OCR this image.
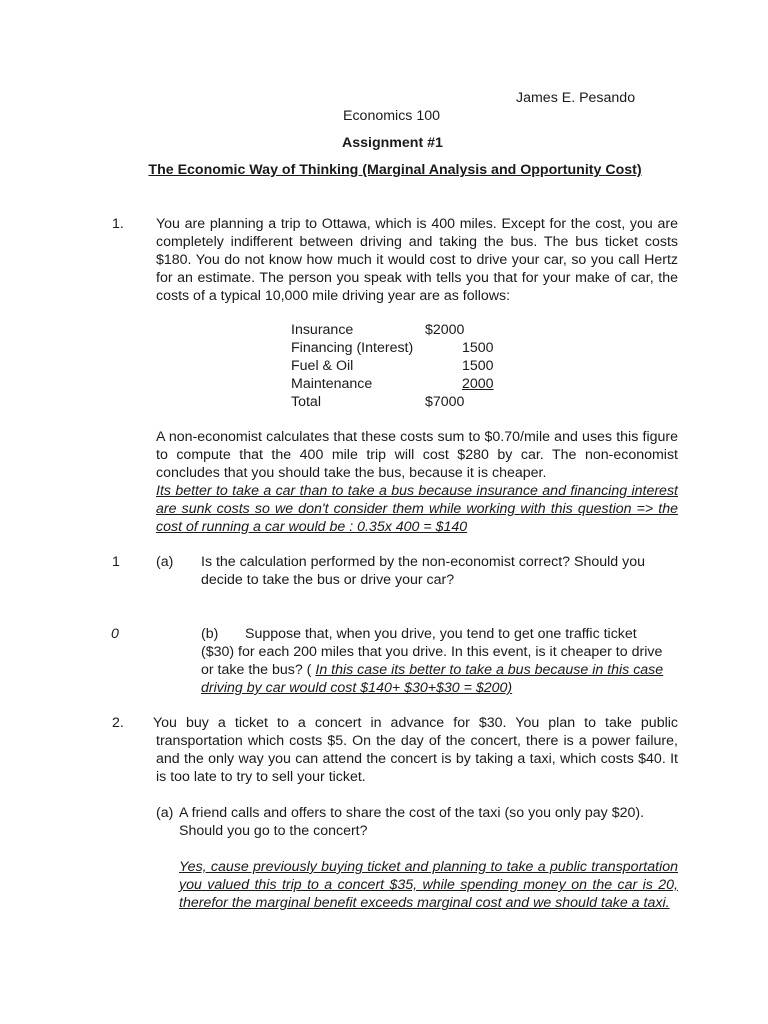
James E. Pesando
Economics 100
Assignment #1
The Economic Way of Thinking (Marginal Analysis and Opportunity Cost)
1. You are planning a trip to Ottawa, which is 400 miles. Except for the cost, you are completely indifferent between driving and taking the bus. The bus ticket costs $180. You do not know how much it would cost to drive your car, so you call Hertz for an estimate. The person you speak with tells you that for your make of car, the costs of a typical 10,000 mile driving year are as follows:
Insurance	$2000
Financing (Interest)	1500
Fuel & Oil	1500
Maintenance	2000
Total	$7000
A non-economist calculates that these costs sum to $0.70/mile and uses this figure to compute that the 400 mile trip will cost $280 by car. The non-economist concludes that you should take the bus, because it is cheaper.
Its better to take a car than to take a bus because insurance and financing interest are sunk costs so we don't consider them while working with this question => the cost of running a car would be : 0.35x 400 = $140
1	(a) Is the calculation performed by the non-economist correct? Should you decide to take the bus or drive your car?
0	(b)	Suppose that, when you drive, you tend to get one traffic ticket ($30) for each 200 miles that you drive. In this event, is it cheaper to drive or take the bus? ( In this case its better to take a bus because in this case driving by car would cost $140+ $30+$30 = $200)
2. You buy a ticket to a concert in advance for $30. You plan to take public transportation which costs $5. On the day of the concert, there is a power failure, and the only way you can attend the concert is by taking a taxi, which costs $40. It is too late to try to sell your ticket.
(a) A friend calls and offers to share the cost of the taxi (so you only pay $20). Should you go to the concert?
Yes, cause previously buying ticket and planning to take a public transportation you valued this trip to a concert $35, while spending money on the car is 20, therefor the marginal benefit exceeds marginal cost and we should take a taxi.
